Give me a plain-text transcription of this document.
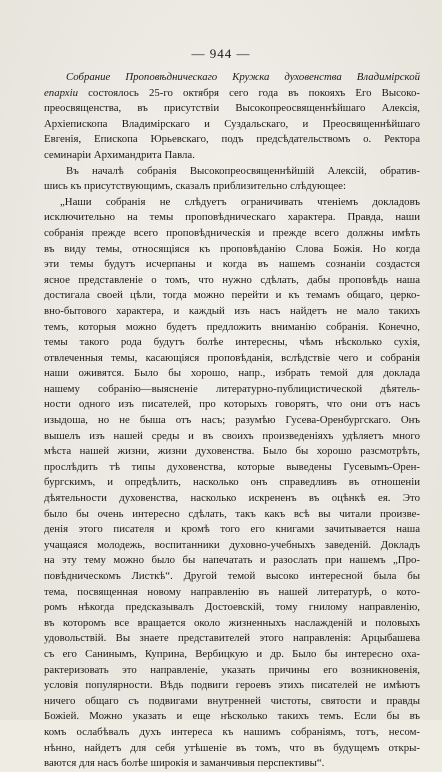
— 944 —
Собрание Проповѣдническаго Кружка духовенства Владимірской
епархіи состоялось 25-го октября сего года въ покояхъ Его Высоко-
преосвященства, въ присутствіи Высокопреосвященнѣйшаго Алексія,
Архіепископа Владимірскаго и Суздальскаго, и Преосвященнѣйшаго
Евгенія, Епископа Юрьевскаго, подъ предсѣдательствомъ о. Ректора
семинаріи Архимандрита Павла.
Въ началѣ собранія Высокопреосвященнѣйшій Алексій, обратив-
шись къ присутствующимъ, сказалъ приблизительно слѣдующее:
„Наши собранія не слѣдуетъ ограничивать чтеніемъ докладовъ
исключительно на темы проповѣдническаго характера. Правда, наши
собранія прежде всего проповѣдническія и прежде всего должны имѣть
въ виду темы, относящіяся къ проповѣданію Слова Божія. Но когда
эти темы будутъ исчерпаны и когда въ нашемъ сознаніи создастся
ясное представленіе о томъ, что нужно сдѣлать, дабы проповѣдь наша
достигала своей цѣли, тогда можно перейти и къ темамъ общаго, церко-
вно-бытового характера, и каждый изъ насъ найдетъ не мало такихъ
темъ, которыя можно будетъ предложить вниманію собранія. Конечно,
темы такого рода будутъ болѣе интересны, чѣмъ нѣсколько сухія,
отвлеченныя темы, касающіяся проповѣданія, вслѣдствіе чего и собранія
наши оживятся. Было бы хорошо, напр., избрать темой для доклада
нашему собранію—выясненіе литературно-публицистической дѣятель-
ности одного изъ писателей, про которыхъ говорятъ, что они отъ насъ
изыдоша, но не быша отъ насъ; разумѣю Гусева-Оренбургскаго. Онъ
вышелъ изъ нашей среды и въ своихъ произведеніяхъ удѣляетъ много
мѣста нашей жизни, жизни духовенства. Было бы хорошо разсмотрѣть,
прослѣдить тѣ типы духовенства, которые выведены Гусевымъ-Орен-
бургскимъ, и опредѣлить, насколько онъ справедливъ въ отношеніи
дѣятельности духовенства, насколько искрененъ въ оцѣнкѣ ея. Это
было бы очень интересно сдѣлать, такъ какъ всѣ вы читали произве-
денія этого писателя и кромѣ того его книгами зачитывается наша
учащаяся молодежь, воспитанники духовно-учебныхъ заведеній. Докладъ
на эту тему можно было бы напечатать и разослать при нашемъ „Про-
повѣдническомъ Листкѣ“. Другой темой высоко интересной была бы
тема, посвященная новому направленію въ нашей литературѣ, о кото-
ромъ нѣкогда предсказывалъ Достоевскій, тому гнилому направленію,
въ которомъ все вращается около жизненныхъ наслажденій и половыхъ
удовольствій. Вы знаете представителей этого направленія: Арцыбашева
съ его Санинымъ, Куприна, Вербицкую и др. Было бы интересно оха-
рактеризовать это направленіе, указать причины его возникновенія,
условія популярности. Вѣдь подвиги героевъ этихъ писателей не имѣютъ
ничего общаго съ подвигами внутренней чистоты, святости и правды
Божіей. Можно указать и еще нѣсколько такихъ темъ. Если бы въ
комъ ослабѣвалъ духъ интереса къ нашимъ собраніямъ, тотъ, несом-
нѣнно, найдетъ для себя утѣшеніе въ томъ, что въ будущемъ откры-
ваются для насъ болѣе широкія и заманчивыя перспективы“.
